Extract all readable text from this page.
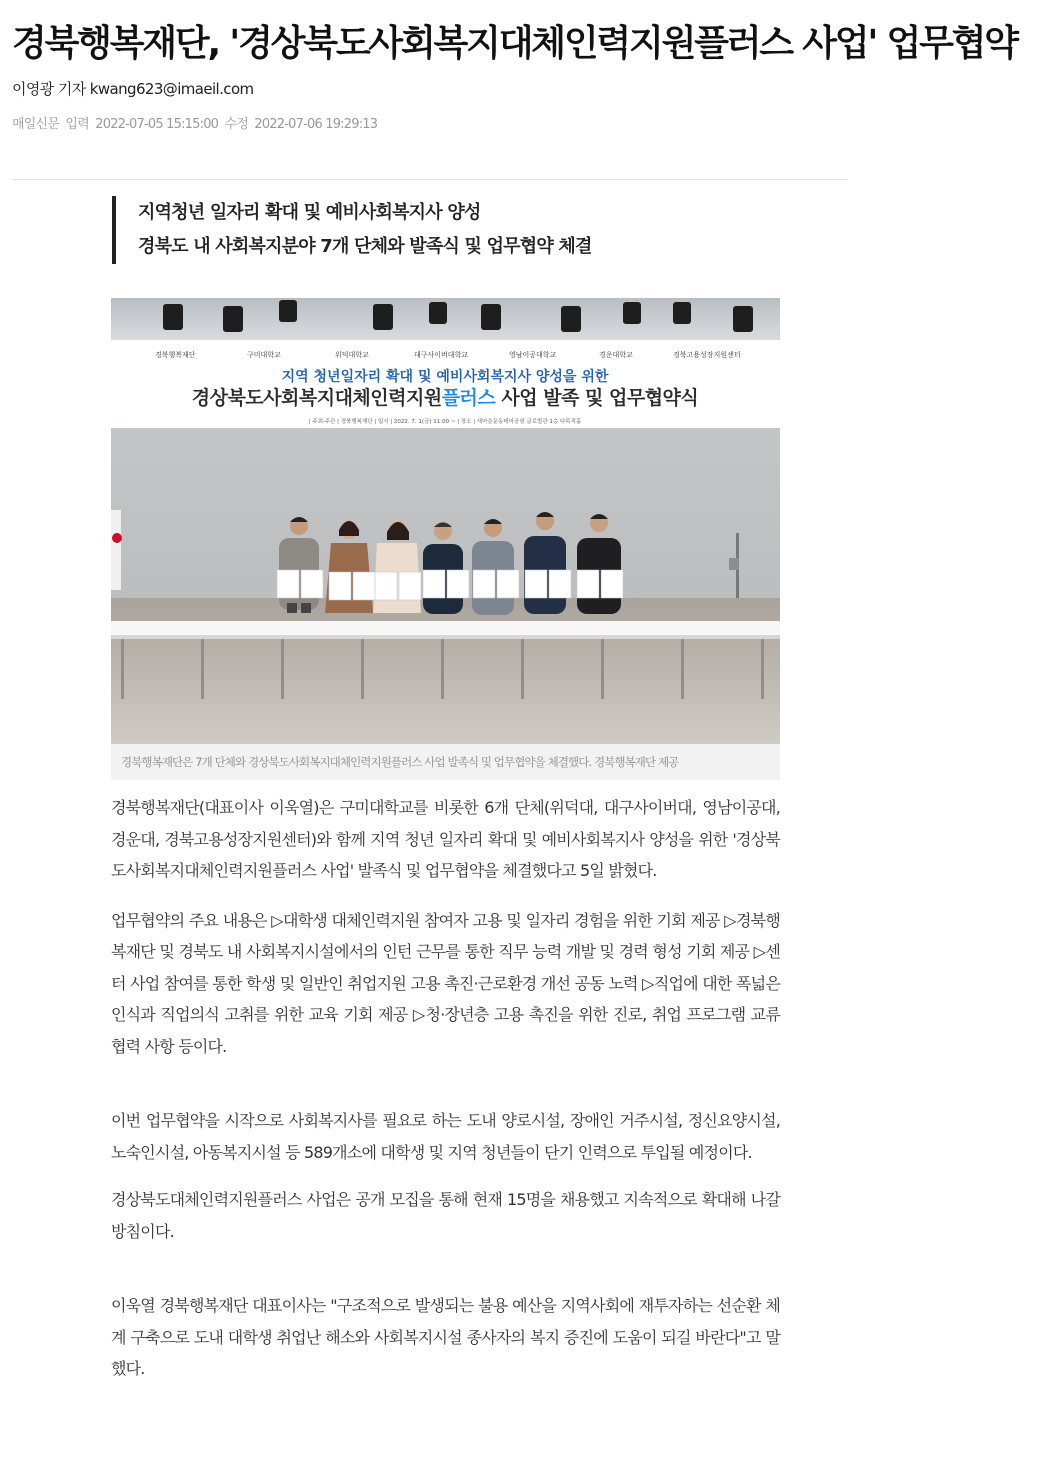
경북행복재단, '경상북도사회복지대체인력지원플러스 사업' 업무협약
이영광 기자 kwang623@imaeil.com
매일신문 입력 2022-07-05 15:15:00 수정 2022-07-06 19:29:13
지역청년 일자리 확대 및 예비사회복지사 양성
경북도 내 사회복지분야 7개 단체와 발족식 및 업무협약 체결
경북행복재단	구미대학교	위덕대학교	대구사이버대학교	영남이공대학교	경운대학교	경북고용성장지원센터
지역 청년일자리 확대 및 예비사회복지사 양성을 위한
경상북도사회복지대체인력지원플러스 사업 발족 및 업무협약식
| 주최·주관 | 경북행복재단 | 일시 | 2022. 7. 1(금) 11:00 ~ | 장소 | 새마을운동테마공원 글로벌관 1층 다목적홀
경북행복재단은 7개 단체와 경상북도사회복지대체인력지원플러스 사업 발족식 및 업무협약을 체결했다. 경북행복재단 제공

경북행복재단(대표이사 이욱열)은 구미대학교를 비롯한 6개 단체(위덕대, 대구사이버대, 영남이공대, 경운대, 경북고용성장지원센터)와 함께 지역 청년 일자리 확대 및 예비사회복지사 양성을 위한 '경상북도사회복지대체인력지원플러스 사업' 발족식 및 업무협약을 체결했다고 5일 밝혔다.

업무협약의 주요 내용은 ▷대학생 대체인력지원 참여자 고용 및 일자리 경험을 위한 기회 제공 ▷경북행복재단 및 경북도 내 사회복지시설에서의 인턴 근무를 통한 직무 능력 개발 및 경력 형성 기회 제공 ▷센터 사업 참여를 통한 학생 및 일반인 취업지원 고용 촉진·근로환경 개선 공동 노력 ▷직업에 대한 폭넓은 인식과 직업의식 고취를 위한 교육 기회 제공 ▷청·장년층 고용 촉진을 위한 진로, 취업 프로그램 교류 협력 사항 등이다.

이번 업무협약을 시작으로 사회복지사를 필요로 하는 도내 양로시설, 장애인 거주시설, 정신요양시설, 노숙인시설, 아동복지시설 등 589개소에 대학생 및 지역 청년들이 단기 인력으로 투입될 예정이다.

경상북도대체인력지원플러스 사업은 공개 모집을 통해 현재 15명을 채용했고 지속적으로 확대해 나갈 방침이다.

이욱열 경북행복재단 대표이사는 "구조적으로 발생되는 불용 예산을 지역사회에 재투자하는 선순환 체계 구축으로 도내 대학생 취업난 해소와 사회복지시설 종사자의 복지 증진에 도움이 되길 바란다"고 말했다.
